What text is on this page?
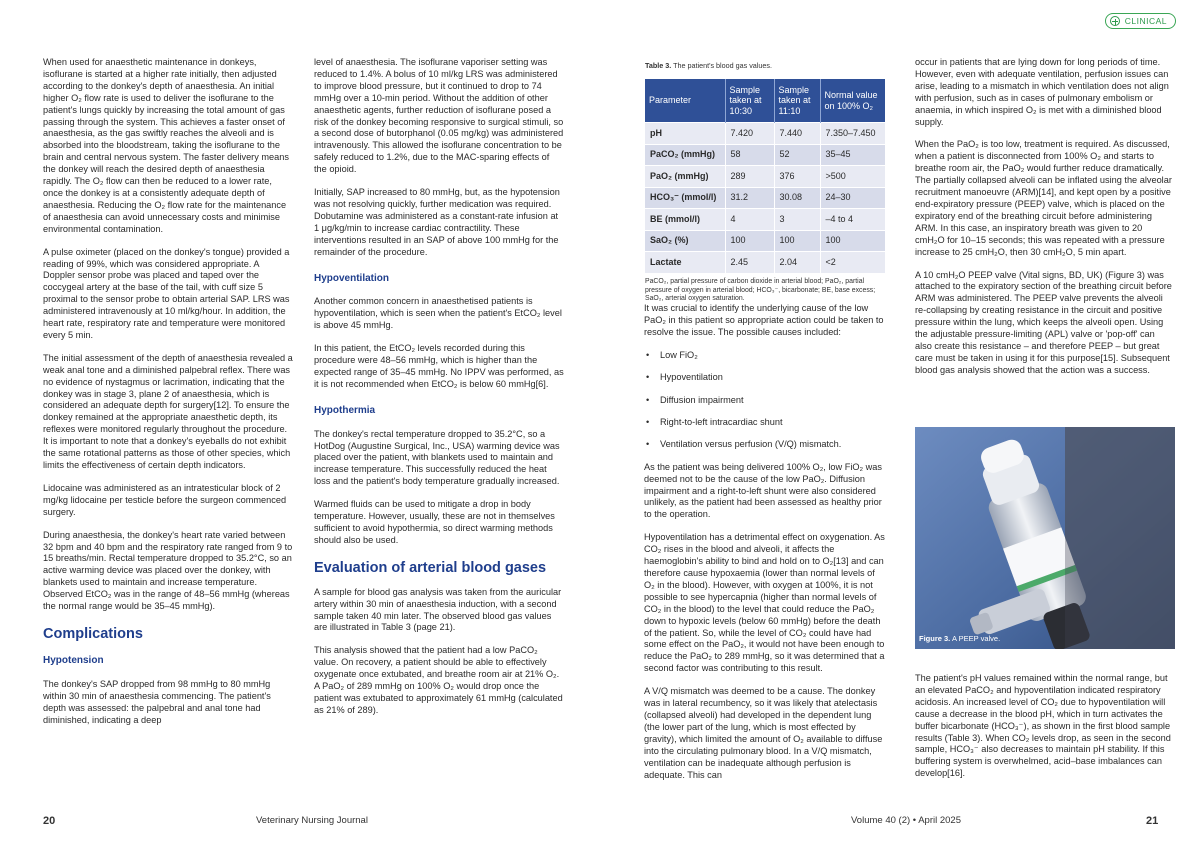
When used for anaesthetic maintenance in donkeys, isoflurane is started at a higher rate initially, then adjusted according to the donkey's depth of anaesthesia. An initial higher O₂ flow rate is used to deliver the isoflurane to the patient's lungs quickly by increasing the total amount of gas passing through the system. This achieves a faster onset of anaesthesia, as the gas swiftly reaches the alveoli and is absorbed into the bloodstream, taking the isoflurane to the brain and central nervous system. The faster delivery means the donkey will reach the desired depth of anaesthesia rapidly. The O₂ flow can then be reduced to a lower rate, once the donkey is at a consistently adequate depth of anaesthesia. Reducing the O₂ flow rate for the maintenance of anaesthesia can avoid unnecessary costs and minimise environmental contamination.

A pulse oximeter (placed on the donkey's tongue) provided a reading of 99%, which was considered appropriate. A Doppler sensor probe was placed and taped over the coccygeal artery at the base of the tail, with cuff size 5 proximal to the sensor probe to obtain arterial SAP. LRS was administered intravenously at 10 ml/kg/hour. In addition, the heart rate, respiratory rate and temperature were monitored every 5 min.

The initial assessment of the depth of anaesthesia revealed a weak anal tone and a diminished palpebral reflex. There was no evidence of nystagmus or lacrimation, indicating that the donkey was in stage 3, plane 2 of anaesthesia, which is considered an adequate depth for surgery[12]. To ensure the donkey remained at the appropriate anaesthetic depth, its reflexes were monitored regularly throughout the procedure. It is important to note that a donkey's eyeballs do not exhibit the same rotational patterns as those of other species, which limits the effectiveness of certain depth indicators.

Lidocaine was administered as an intratesticular block of 2 mg/kg lidocaine per testicle before the surgeon commenced surgery.

During anaesthesia, the donkey's heart rate varied between 32 bpm and 40 bpm and the respiratory rate ranged from 9 to 15 breaths/min. Rectal temperature dropped to 35.2°C, so an active warming device was placed over the donkey, with blankets used to maintain and increase temperature. Observed EtCO₂ was in the range of 48–56 mmHg (whereas the normal range would be 35–45 mmHg).

Complications
Hypotension

The donkey's SAP dropped from 98 mmHg to 80 mmHg within 30 min of anaesthesia commencing. The patient's depth was assessed: the palpebral and anal tone had diminished, indicating a deep

level of anaesthesia. The isoflurane vaporiser setting was reduced to 1.4%. A bolus of 10 ml/kg LRS was administered to improve blood pressure, but it continued to drop to 74 mmHg over a 10-min period. Without the addition of other anaesthetic agents, further reduction of isoflurane posed a risk of the donkey becoming responsive to surgical stimuli, so a second dose of butorphanol (0.05 mg/kg) was administered intravenously. This allowed the isoflurane concentration to be safely reduced to 1.2%, due to the MAC-sparing effects of the opioid.

Initially, SAP increased to 80 mmHg, but, as the hypotension was not resolving quickly, further medication was required. Dobutamine was administered as a constant-rate infusion at 1 μg/kg/min to increase cardiac contractility. These interventions resulted in an SAP of above 100 mmHg for the remainder of the procedure.

Hypoventilation

Another common concern in anaesthetised patients is hypoventilation, which is seen when the patient's EtCO₂ level is above 45 mmHg.

In this patient, the EtCO₂ levels recorded during this procedure were 48–56 mmHg, which is higher than the expected range of 35–45 mmHg. No IPPV was performed, as it is not recommended when EtCO₂ is below 60 mmHg[6].

Hypothermia

The donkey's rectal temperature dropped to 35.2°C, so a HotDog (Augustine Surgical, Inc., USA) warming device was placed over the patient, with blankets used to maintain and increase temperature. This successfully reduced the heat loss and the patient's body temperature gradually increased.

Warmed fluids can be used to mitigate a drop in body temperature. However, usually, these are not in themselves sufficient to avoid hypothermia, so direct warming methods should also be used.

Evaluation of arterial blood gases

A sample for blood gas analysis was taken from the auricular artery within 30 min of anaesthesia induction, with a second sample taken 40 min later. The observed blood gas values are illustrated in Table 3 (page 21).

This analysis showed that the patient had a low PaCO₂ value. On recovery, a patient should be able to effectively oxygenate once extubated, and breathe room air at 21% O₂. A PaO₂ of 289 mmHg on 100% O₂ would drop once the patient was extubated to approximately 61 mmHg (calculated as 21% of 289).

20	Veterinary Nursing Journal
CLINICAL
Volume 40 (2) • April 2025	21
Table 3. The patient's blood gas values.
Parameter	Sample taken at 10:30	Sample taken at 11:10	Normal value on 100% O₂
pH	7.420	7.440	7.350–7.450
PaCO₂ (mmHg)	58	52	35–45
PaO₂ (mmHg)	289	376	>500
HCO₃⁻ (mmol/l)	31.2	30.08	24–30
BE (mmol/l)	4	3	–4 to 4
SaO₂ (%)	100	100	100
Lactate	2.45	2.04	<2
PaCO₂, partial pressure of carbon dioxide in arterial blood; PaO₂, partial pressure of oxygen in arterial blood; HCO₃⁻, bicarbonate; BE, base excess; SaO₂, arterial oxygen saturation.

It was crucial to identify the underlying cause of the low PaO₂ in this patient so appropriate action could be taken to resolve the issue. The possible causes included:

• Low FiO₂
• Hypoventilation
• Diffusion impairment
• Right-to-left intracardiac shunt
• Ventilation versus perfusion (V/Q) mismatch.

As the patient was being delivered 100% O₂, low FiO₂ was deemed not to be the cause of the low PaO₂. Diffusion impairment and a right-to-left shunt were also considered unlikely, as the patient had been assessed as healthy prior to the operation.

Hypoventilation has a detrimental effect on oxygenation. As CO₂ rises in the blood and alveoli, it affects the haemoglobin's ability to bind and hold on to O₂[13] and can therefore cause hypoxaemia (lower than normal levels of O₂ in the blood). However, with oxygen at 100%, it is not possible to see hypercapnia (higher than normal levels of CO₂ in the blood) to the level that could reduce the PaO₂ down to hypoxic levels (below 60 mmHg) before the death of the patient. So, while the level of CO₂ could have had some effect on the PaO₂, it would not have been enough to reduce the PaO₂ to 289 mmHg, so it was determined that a second factor was contributing to this result.

A V/Q mismatch was deemed to be a cause. The donkey was in lateral recumbency, so it was likely that atelectasis (collapsed alveoli) had developed in the dependent lung (the lower part of the lung, which is most effected by gravity), which limited the amount of O₂ available to diffuse into the circulating pulmonary blood. In a V/Q mismatch, ventilation can be inadequate although perfusion is adequate. This can

occur in patients that are lying down for long periods of time. However, even with adequate ventilation, perfusion issues can arise, leading to a mismatch in which ventilation does not align with perfusion, such as in cases of pulmonary embolism or anaemia, in which inspired O₂ is met with a diminished blood supply.

When the PaO₂ is too low, treatment is required. As discussed, when a patient is disconnected from 100% O₂ and starts to breathe room air, the PaO₂ would further reduce dramatically. The partially collapsed alveoli can be inflated using the alveolar recruitment manoeuvre (ARM)[14], and kept open by a positive end-expiratory pressure (PEEP) valve, which is placed on the expiratory end of the breathing circuit before administering ARM. In this case, an inspiratory breath was given to 20 cmH₂O for 10–15 seconds; this was repeated with a pressure increase to 25 cmH₂O, then 30 cmH₂O, 5 min apart.

A 10 cmH₂O PEEP valve (Vital signs, BD, UK) (Figure 3) was attached to the expiratory section of the breathing circuit before ARM was administered. The PEEP valve prevents the alveoli re-collapsing by creating resistance in the circuit and positive pressure within the lung, which keeps the alveoli open. Using the adjustable pressure-limiting (APL) valve or 'pop-off' can also create this resistance – and therefore PEEP – but great care must be taken in using it for this purpose[15]. Subsequent blood gas analysis showed that the action was a success.

Figure 3. A PEEP valve.

The patient's pH values remained within the normal range, but an elevated PaCO₂ and hypoventilation indicated respiratory acidosis. An increased level of CO₂ due to hypoventilation will cause a decrease in the blood pH, which in turn activates the buffer bicarbonate (HCO₃⁻), as shown in the first blood sample results (Table 3). When CO₂ levels drop, as seen in the second sample, HCO₃⁻ also decreases to maintain pH stability. If this buffering system is overwhelmed, acid–base imbalances can develop[16].
